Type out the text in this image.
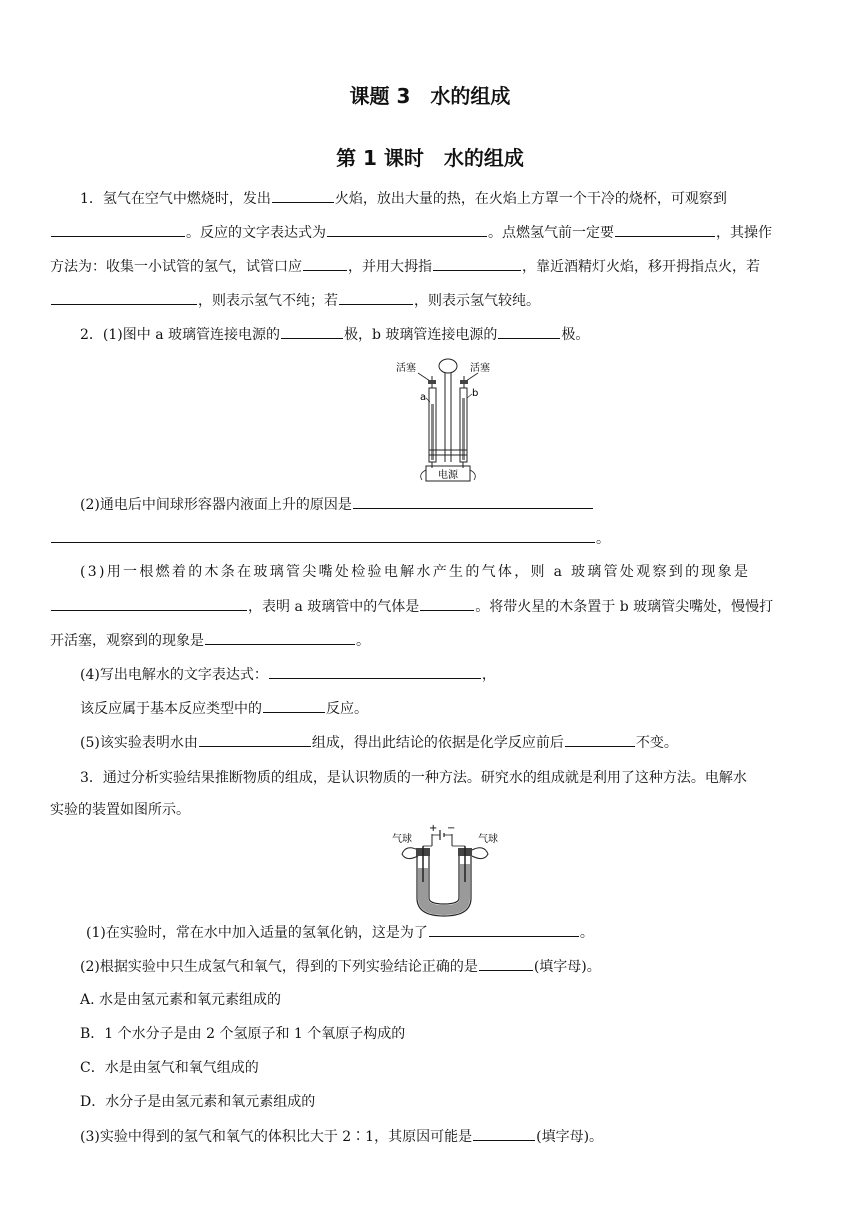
课题 3　水的组成
第 1 课时　水的组成
1．氢气在空气中燃烧时，发出	火焰，放出大量的热，在火焰上方罩一个干冷的烧杯，可观察到
。反应的文字表达式为	。点燃氢气前一定要	，其操作
方法为：收集一小试管的氢气，试管口应	，并用大拇指	，靠近酒精灯火焰，移开拇指点火，若
，则表示氢气不纯；若	，则表示氢气较纯。
2．(1)图中 a 玻璃管连接电源的	极，b 玻璃管连接电源的	极。
活塞	活塞
a	b
电源
(2)通电后中间球形容器内液面上升的原因是
。
(3)用一根燃着的木条在玻璃管尖嘴处检验电解水产生的气体，则 a 玻璃管处观察到的现象是
，表明 a 玻璃管中的气体是	。将带火星的木条置于 b 玻璃管尖嘴处，慢慢打
开活塞，观察到的现象是	。
(4)写出电解水的文字表达式：	，
该反应属于基本反应类型中的	反应。
(5)该实验表明水由	组成，得出此结论的依据是化学反应前后	不变。
3．通过分析实验结果推断物质的组成，是认识物质的一种方法。研究水的组成就是利用了这种方法。电解水
实验的装置如图所示。
气球	气球
+ −
(1)在实验时，常在水中加入适量的氢氧化钠，这是为了	。
(2)根据实验中只生成氢气和氧气，得到的下列实验结论正确的是	(填字母)。
A. 水是由氢元素和氧元素组成的
B．1 个水分子是由 2 个氢原子和 1 个氧原子构成的
C．水是由氢气和氧气组成的
D．水分子是由氢元素和氧元素组成的
(3)实验中得到的氢气和氧气的体积比大于 2∶1，其原因可能是	(填字母)。
